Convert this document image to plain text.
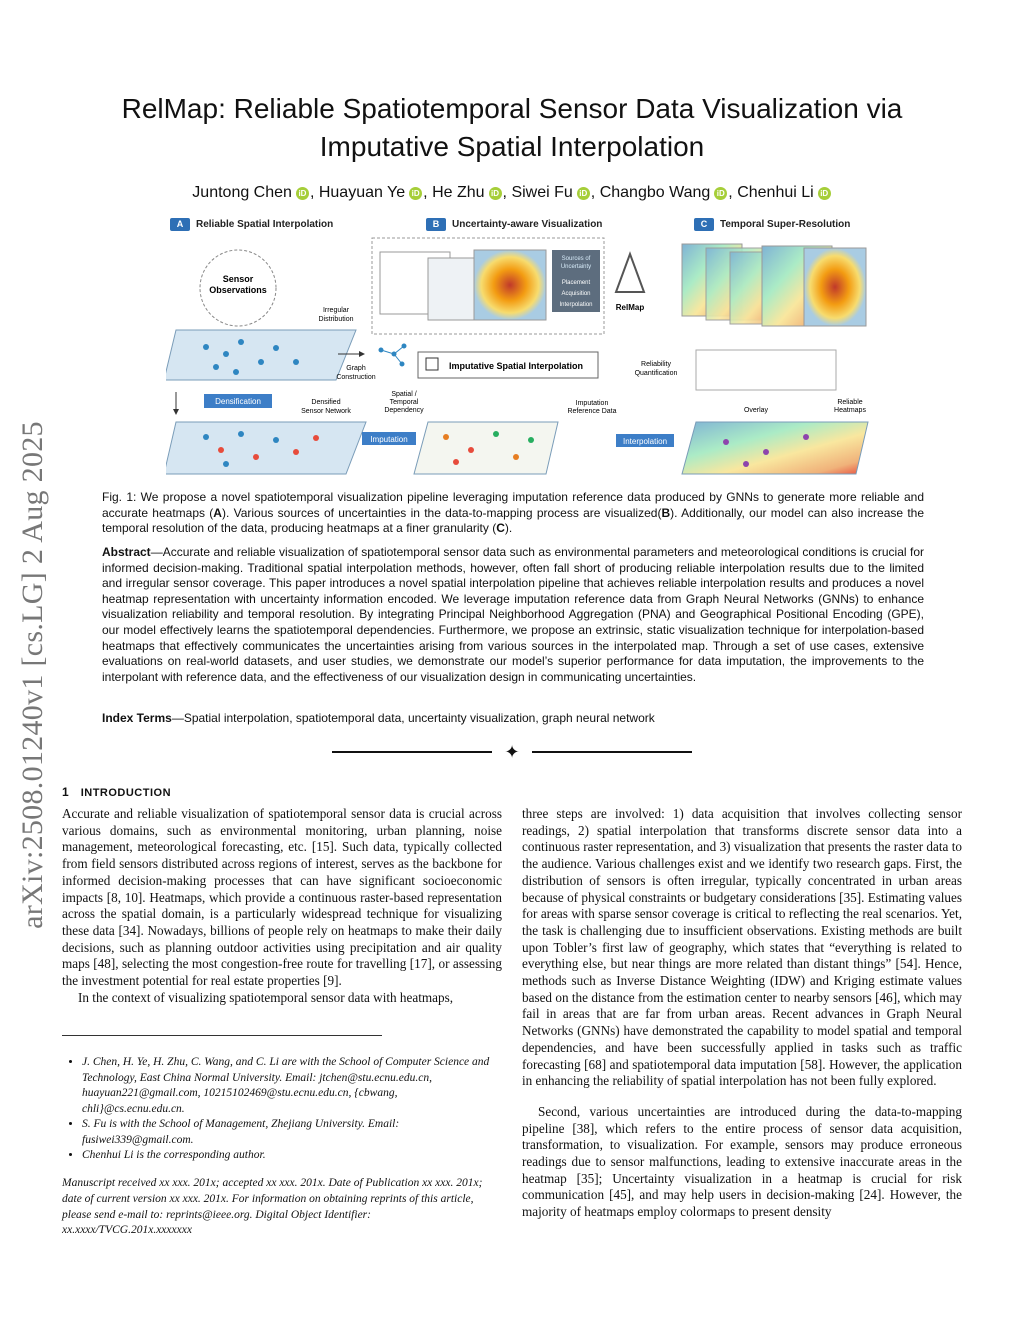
arXiv:2508.01240v1 [cs.LG] 2 Aug 2025
RelMap: Reliable Spatiotemporal Sensor Data Visualization via
Imputative Spatial Interpolation
Juntong Chen iD , Huayuan Ye iD , He Zhu iD , Siwei Fu iD , Changbo Wang iD , Chenhui Li iD
A	Reliable Spatial Interpolation	B	Uncertainty-aware Visualization	C	Temporal Super-Resolution
Sensor
Observations
Irregular
Distribution
Densification	Densified
Sensor Network
Graph
Construction
Spatial /
Temporal
Dependency
Sources of
Uncertainty
Placement
Acquisition
Interpolation	RelMap
Imputative Spatial Interpolation	Reliability
Quantification
Imputation
Reference Data
Imputation	Interpolation
Overlay
Reliable
Heatmaps
Fig. 1: We propose a novel spatiotemporal visualization pipeline leveraging imputation reference data produced by GNNs to generate more reliable and accurate heatmaps (A). Various sources of uncertainties in the data-to-mapping process are visualized(B). Additionally, our model can also increase the temporal resolution of the data, producing heatmaps at a finer granularity (C).
Abstract—Accurate and reliable visualization of spatiotemporal sensor data such as environmental parameters and meteorological conditions is crucial for informed decision-making. Traditional spatial interpolation methods, however, often fall short of producing reliable interpolation results due to the limited and irregular sensor coverage. This paper introduces a novel spatial interpolation pipeline that achieves reliable interpolation results and produces a novel heatmap representation with uncertainty information encoded. We leverage imputation reference data from Graph Neural Networks (GNNs) to enhance visualization reliability and temporal resolution. By integrating Principal Neighborhood Aggregation (PNA) and Geographical Positional Encoding (GPE), our model effectively learns the spatiotemporal dependencies. Furthermore, we propose an extrinsic, static visualization technique for interpolation-based heatmaps that effectively communicates the uncertainties arising from various sources in the interpolated map. Through a set of use cases, extensive evaluations on real-world datasets, and user studies, we demonstrate our model’s superior performance for data imputation, the improvements to the interpolant with reference data, and the effectiveness of our visualization design in communicating uncertainties.
Index Terms—Spatial interpolation, spatiotemporal data, uncertainty visualization, graph neural network
✦
1 INTRODUCTION

Accurate and reliable visualization of spatiotemporal sensor data is crucial across various domains, such as environmental monitoring, urban planning, noise management, meteorological forecasting, etc. [15]. Such data, typically collected from field sensors distributed across regions of interest, serves as the backbone for informed decision-making processes that can have significant socioeconomic impacts [8, 10]. Heatmaps, which provide a continuous raster-based representation across the spatial domain, is a particularly widespread technique for visualizing these data [34]. Nowadays, billions of people rely on heatmaps to make their daily decisions, such as planning outdoor activities using precipitation and air quality maps [48], selecting the most congestion-free route for travelling [17], or assessing the investment potential for real estate properties [9].

In the context of visualizing spatiotemporal sensor data with heatmaps,

• J. Chen, H. Ye, H. Zhu, C. Wang, and C. Li are with the School of Computer Science and Technology, East China Normal University. Email: jtchen@stu.ecnu.edu.cn, huayuan221@gmail.com, 10215102469@stu.ecnu.edu.cn, {cbwang, chli}@cs.ecnu.edu.cn.
• S. Fu is with the School of Management, Zhejiang University. Email: fusiwei339@gmail.com.
• Chenhui Li is the corresponding author.
Manuscript received xx xxx. 201x; accepted xx xxx. 201x. Date of Publication xx xxx. 201x; date of current version xx xxx. 201x. For information on obtaining reprints of this article, please send e-mail to: reprints@ieee.org. Digital Object Identifier: xx.xxxx/TVCG.201x.xxxxxxx

three steps are involved: 1) data acquisition that involves collecting sensor readings, 2) spatial interpolation that transforms discrete sensor data into a continuous raster representation, and 3) visualization that presents the raster data to the audience. Various challenges exist and we identify two research gaps. First, the distribution of sensors is often irregular, typically concentrated in urban areas because of physical constraints or budgetary considerations [35]. Estimating values for areas with sparse sensor coverage is critical to reflecting the real scenarios. Yet, the task is challenging due to insufficient observations. Existing methods are built upon Tobler’s first law of geography, which states that “everything is related to everything else, but near things are more related than distant things” [54]. Hence, methods such as Inverse Distance Weighting (IDW) and Kriging estimate values based on the distance from the estimation center to nearby sensors [46], which may fail in areas that are far from urban areas. Recent advances in Graph Neural Networks (GNNs) have demonstrated the capability to model spatial and temporal dependencies, and have been successfully applied in tasks such as traffic forecasting [68] and spatiotemporal data imputation [58]. However, the application in enhancing the reliability of spatial interpolation has not been fully explored.

Second, various uncertainties are introduced during the data-to-mapping pipeline [38], which refers to the entire process of sensor data acquisition, transformation, to visualization. For example, sensors may produce erroneous readings due to sensor malfunctions, leading to extensive inaccurate areas in the heatmap [35]; Uncertainty visualization in a heatmap is crucial for risk communication [45], and may help users in decision-making [24]. However, the majority of heatmaps employ colormaps to present density
